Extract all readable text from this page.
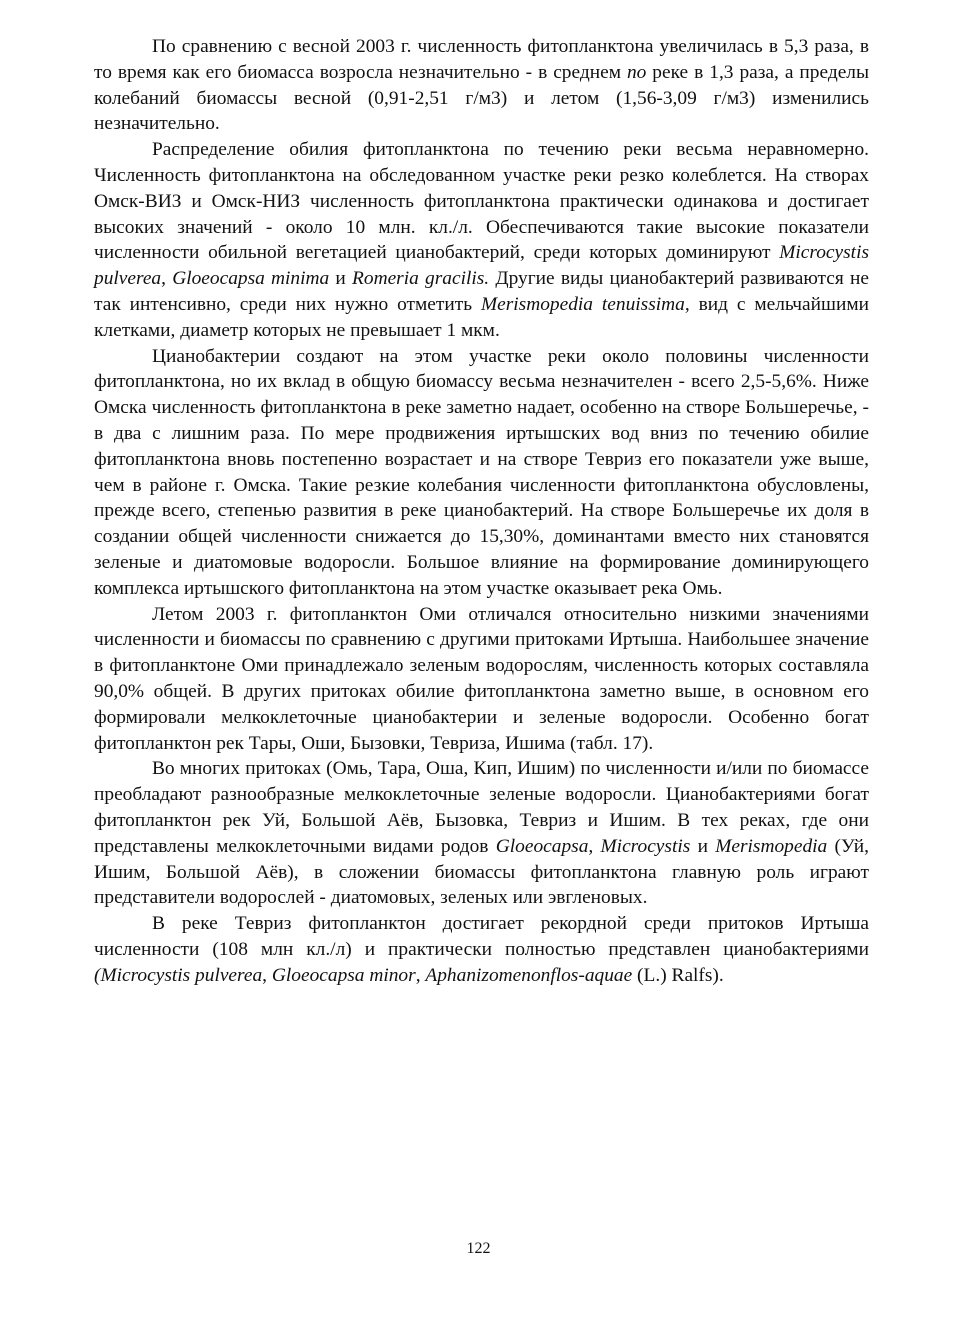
По сравнению с весной 2003 г. численность фитопланктона увеличилась в 5,3 раза, в то время как его биомасса возросла незначительно - в среднем по реке в 1,3 раза, а пределы колебаний биомассы весной (0,91-2,51 г/м3) и летом (1,56-3,09 г/м3) изменились незначительно.

Распределение обилия фитопланктона по течению реки весьма неравномерно. Численность фитопланктона на обследованном участке реки резко колеблется. На створах Омск-ВИЗ и Омск-НИЗ численность фитопланктона практически одинакова и достигает высоких значений - около 10 млн. кл./л. Обеспечиваются такие высокие показатели численности обильной вегетацией цианобактерий, среди которых доминируют Microcystis pulverea, Gloeocapsa minima и Romeria gracilis. Другие виды цианобактерий развиваются не так интенсивно, среди них нужно отметить Merismopedia tenuissima, вид с мельчайшими клетками, диаметр которых не превышает 1 мкм.

Цианобактерии создают на этом участке реки около половины численности фитопланктона, но их вклад в общую биомассу весьма незначителен - всего 2,5-5,6%. Ниже Омска численность фитопланктона в реке заметно надает, особенно на створе Большеречье, - в два с лишним раза. По мере продвижения иртышских вод вниз по течению обилие фитопланктона вновь постепенно возрастает и на створе Тевриз его показатели уже выше, чем в районе г. Омска. Такие резкие колебания численности фитопланктона обусловлены, прежде всего, степенью развития в реке цианобактерий. На створе Большеречье их доля в создании общей численности снижается до 15,30%, доминантами вместо них становятся зеленые и диатомовые водоросли. Большое влияние на формирование доминирующего комплекса иртышского фитопланктона на этом участке оказывает река Омь.

Летом 2003 г. фитопланктон Оми отличался относительно низкими значениями численности и биомассы по сравнению с другими притоками Иртыша. Наибольшее значение в фитопланктоне Оми принадлежало зеленым водорослям, численность которых составляла 90,0% общей. В других притоках обилие фитопланктона заметно выше, в основном его формировали мелкоклеточные цианобактерии и зеленые водоросли. Особенно богат фитопланктон рек Тары, Оши, Бызовки, Тевриза, Ишима (табл. 17).

Во многих притоках (Омь, Тара, Оша, Кип, Ишим) по численности и/или по биомассе преобладают разнообразные мелкоклеточные зеленые водоросли. Цианобактериями богат фитопланктон рек Уй, Большой Аёв, Бызовка, Тевриз и Ишим. В тех реках, где они представлены мелкоклеточными видами родов Gloeocapsa, Microcystis и Merismopedia (Уй, Ишим, Большой Аёв), в сложении биомассы фитопланктона главную роль играют представители водорослей - диатомовых, зеленых или эвгленовых.

В реке Тевриз фитопланктон достигает рекордной среди притоков Иртыша численности (108 млн кл./л) и практически полностью представлен цианобактериями (Microcystis pulverea, Gloeocapsa minor, Aphanizomenonflos-aquae (L.) Ralfs).

122
